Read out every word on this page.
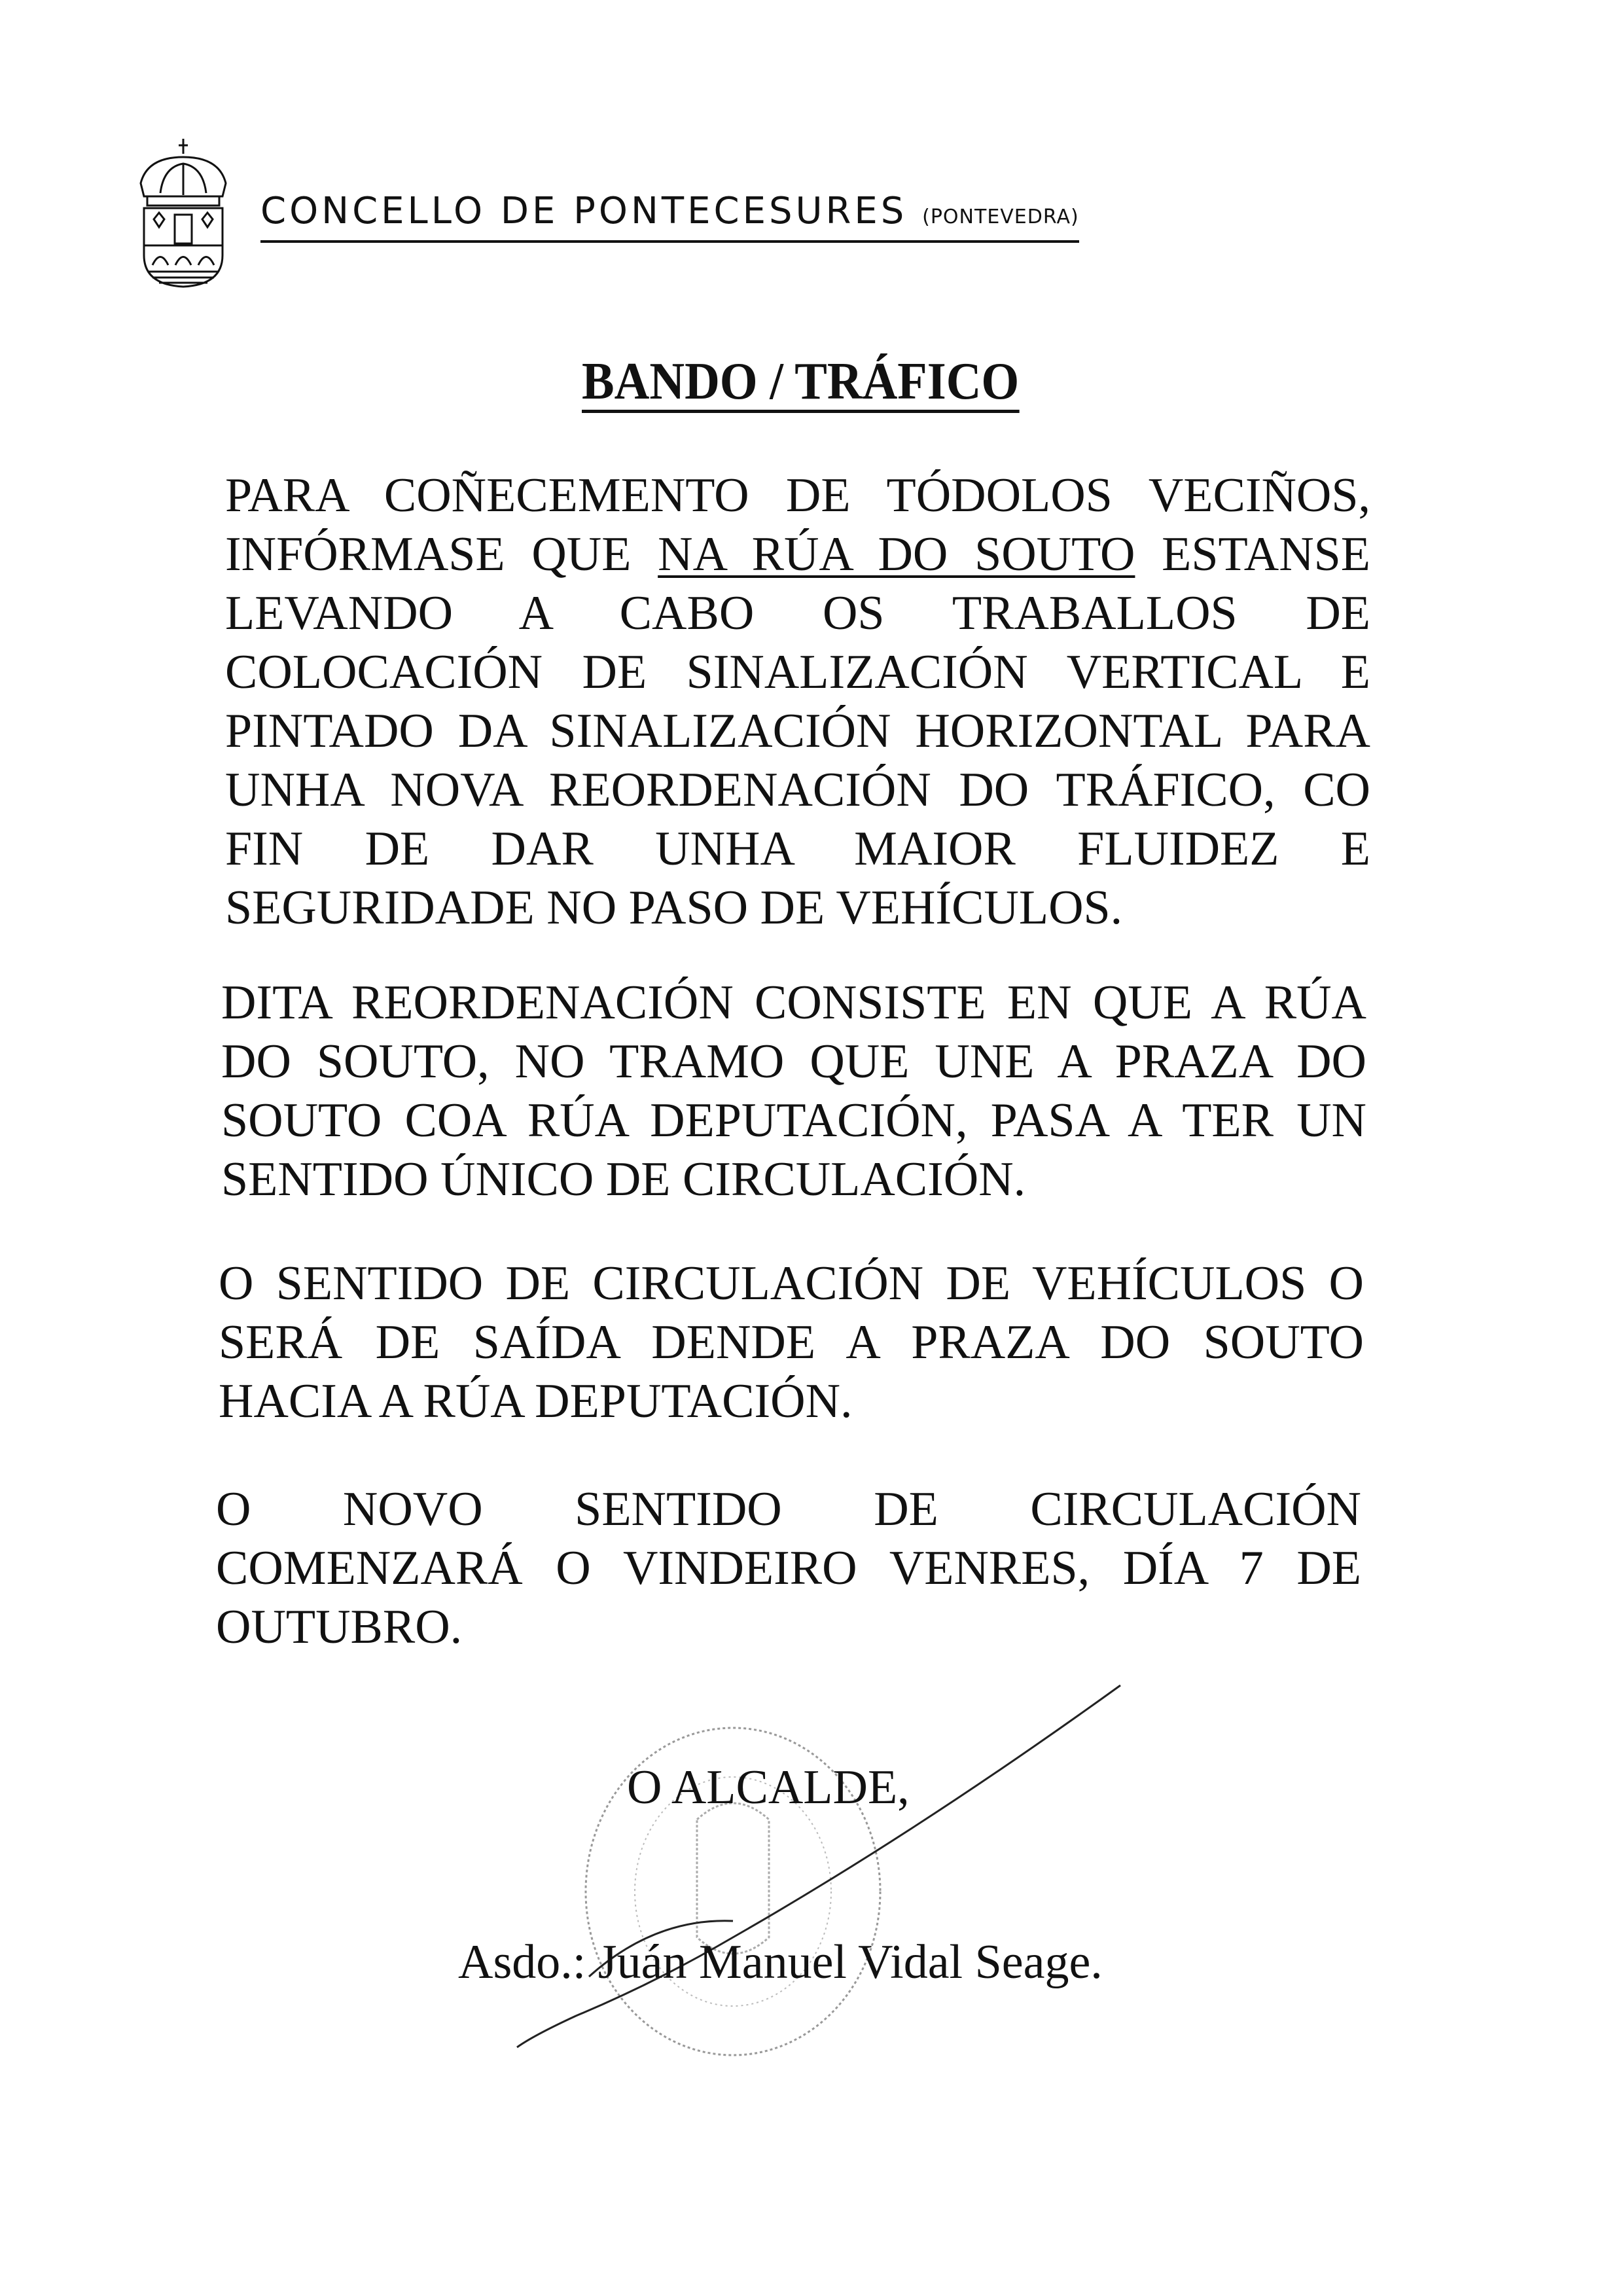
CONCELLO DE PONTECESURES (PONTEVEDRA)
BANDO / TRÁFICO
PARA COÑECEMENTO DE TÓDOLOS VECIÑOS,
INFÓRMASE QUE NA RÚA DO SOUTO ESTANSE
LEVANDO A CABO OS TRABALLOS DE
COLOCACIÓN DE SINALIZACIÓN VERTICAL E
PINTADO DA SINALIZACIÓN HORIZONTAL PARA
UNHA NOVA REORDENACIÓN DO TRÁFICO, CO
FIN DE DAR UNHA MAIOR FLUIDEZ E
SEGURIDADE NO PASO DE VEHÍCULOS.
DITA REORDENACIÓN CONSISTE EN QUE A RÚA
DO SOUTO, NO TRAMO QUE UNE A PRAZA DO
SOUTO COA RÚA DEPUTACIÓN, PASA A TER UN
SENTIDO ÚNICO DE CIRCULACIÓN.
O SENTIDO DE CIRCULACIÓN DE VEHÍCULOS O
SERÁ DE SAÍDA DENDE A PRAZA DO SOUTO
HACIA A RÚA DEPUTACIÓN.
O NOVO SENTIDO DE CIRCULACIÓN
COMENZARÁ O VINDEIRO VENRES, DÍA 7 DE
OUTUBRO.
O ALCALDE,
Asdo.: Juán Manuel Vidal Seage.
